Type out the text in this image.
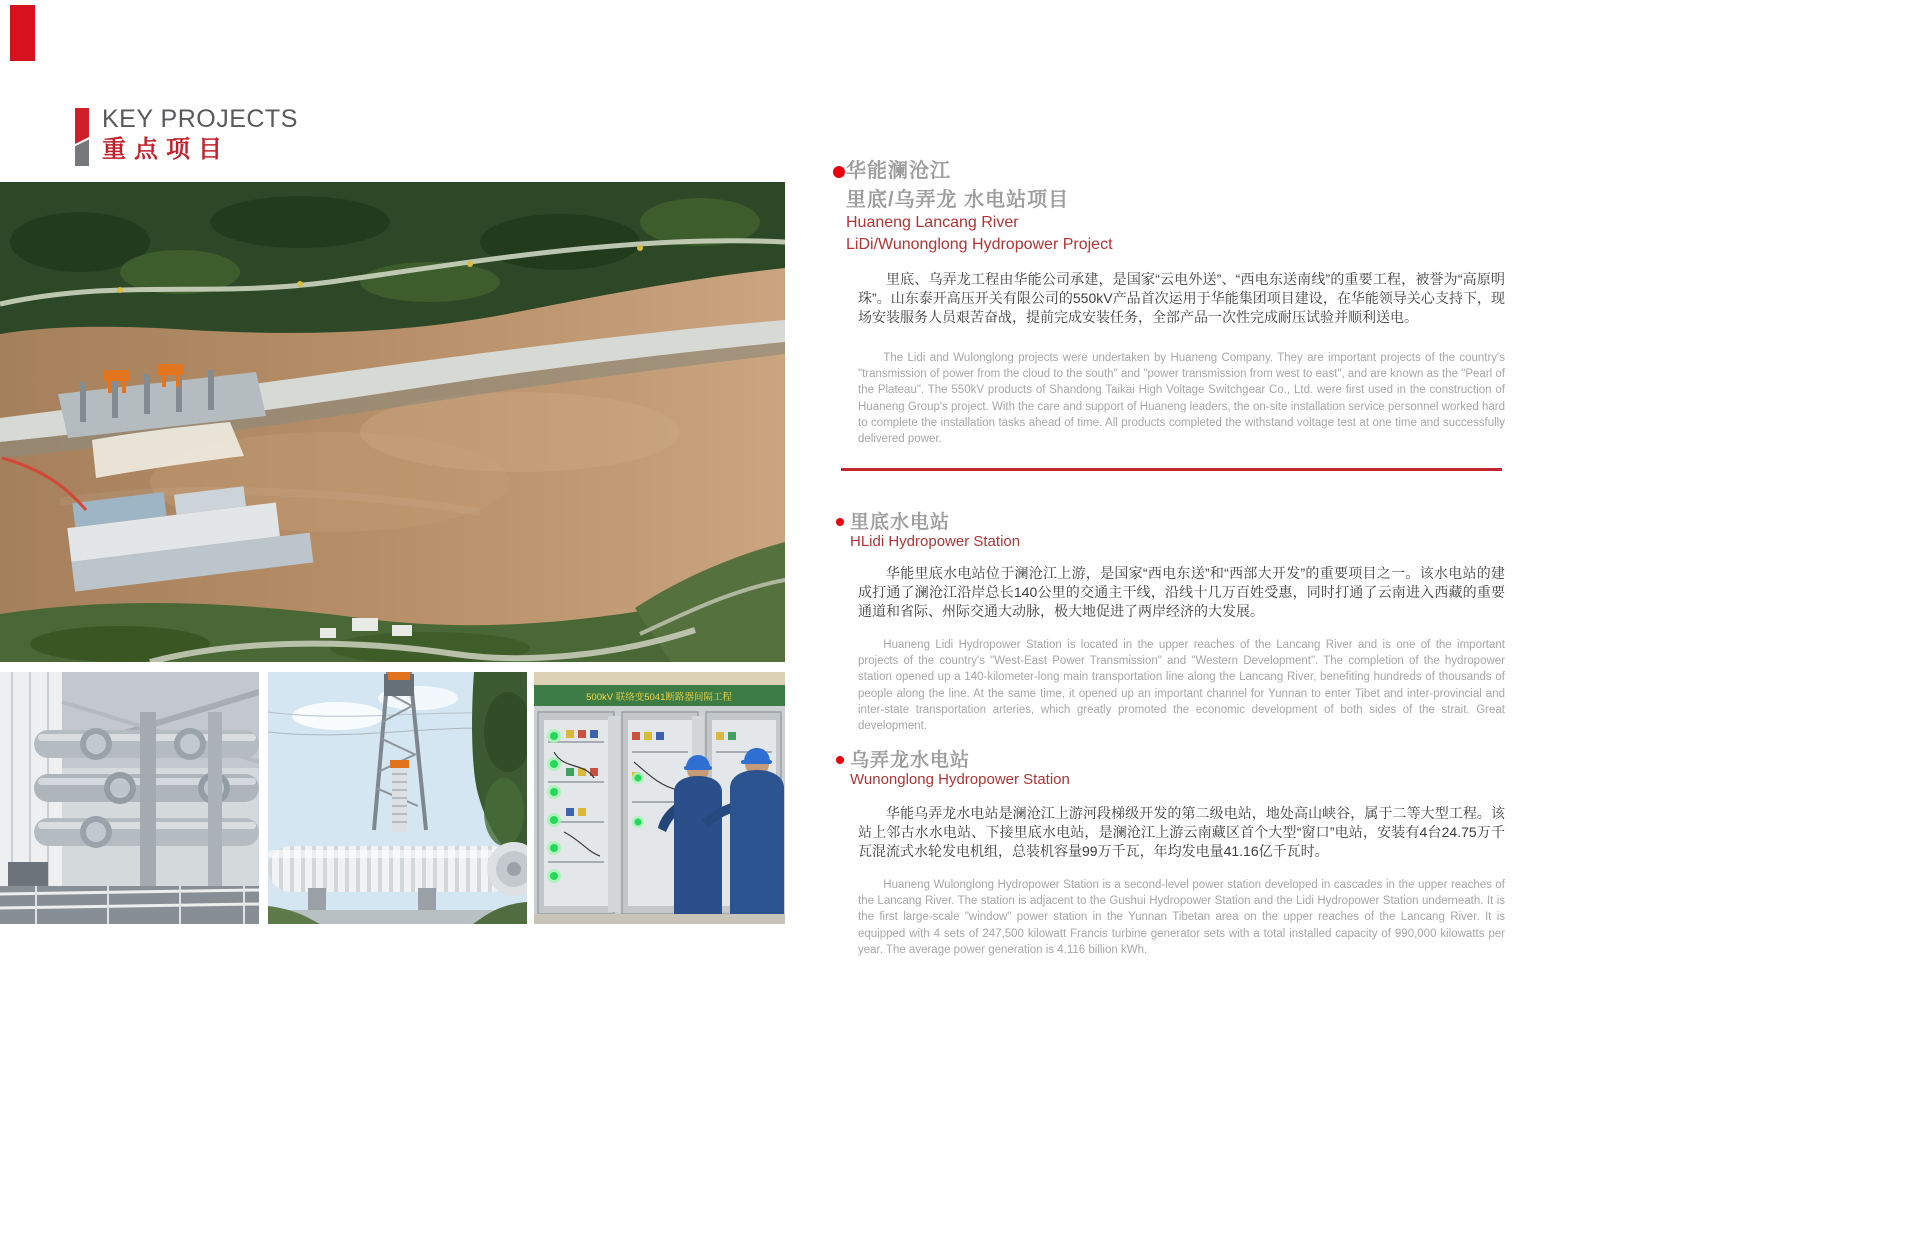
KEY PROJECTS
重点项目
500kV 联络变5041断路器间隔工程
华能澜沧江
里底/乌弄龙 水电站项目
Huaneng Lancang River
LiDi/Wunonglong Hydropower Project

里底、乌弄龙工程由华能公司承建，是国家“云电外送”、“西电东送南线”的重要工程，被誉为“高原明珠”。山东泰开高压开关有限公司的550kV产品首次运用于华能集团项目建设，在华能领导关心支持下，现场安装服务人员艰苦奋战，提前完成安装任务，全部产品一次性完成耐压试验并顺利送电。

The Lidi and Wulonglong projects were undertaken by Huaneng Company. They are important projects of the country's "transmission of power from the cloud to the south" and "power transmission from west to east", and are known as the "Pearl of the Plateau". The 550kV products of Shandong Taikai High Voltage Switchgear Co., Ltd. were first used in the construction of Huaneng Group's project. With the care and support of Huaneng leaders, the on-site installation service personnel worked hard to complete the installation tasks ahead of time. All products completed the withstand voltage test at one time and successfully delivered power.

里底水电站
HLidi Hydropower Station

华能里底水电站位于澜沧江上游，是国家“西电东送”和“西部大开发”的重要项目之一。该水电站的建成打通了澜沧江沿岸总长140公里的交通主干线，沿线十几万百姓受惠，同时打通了云南进入西藏的重要通道和省际、州际交通大动脉，极大地促进了两岸经济的大发展。

Huaneng Lidi Hydropower Station is located in the upper reaches of the Lancang River and is one of the important projects of the country's "West-East Power Transmission" and "Western Development". The completion of the hydropower station opened up a 140-kilometer-long main transportation line along the Lancang River, benefiting hundreds of thousands of people along the line. At the same time, it opened up an important channel for Yunnan to enter Tibet and inter-provincial and inter-state transportation arteries, which greatly promoted the economic development of both sides of the strait. Great development.

乌弄龙水电站
Wunonglong Hydropower Station

华能乌弄龙水电站是澜沧江上游河段梯级开发的第二级电站，地处高山峡谷，属于二等大型工程。该站上邻古水水电站、下接里底水电站，是澜沧江上游云南藏区首个大型“窗口”电站，安装有4台24.75万千瓦混流式水轮发电机组，总装机容量99万千瓦，年均发电量41.16亿千瓦时。

Huaneng Wulonglong Hydropower Station is a second-level power station developed in cascades in the upper reaches of the Lancang River. The station is adjacent to the Gushui Hydropower Station and the Lidi Hydropower Station underneath. It is the first large-scale "window" power station in the Yunnan Tibetan area on the upper reaches of the Lancang River. It is equipped with 4 sets of 247,500 kilowatt Francis turbine generator sets with a total installed capacity of 990,000 kilowatts per year. The average power generation is 4.116 billion kWh.
